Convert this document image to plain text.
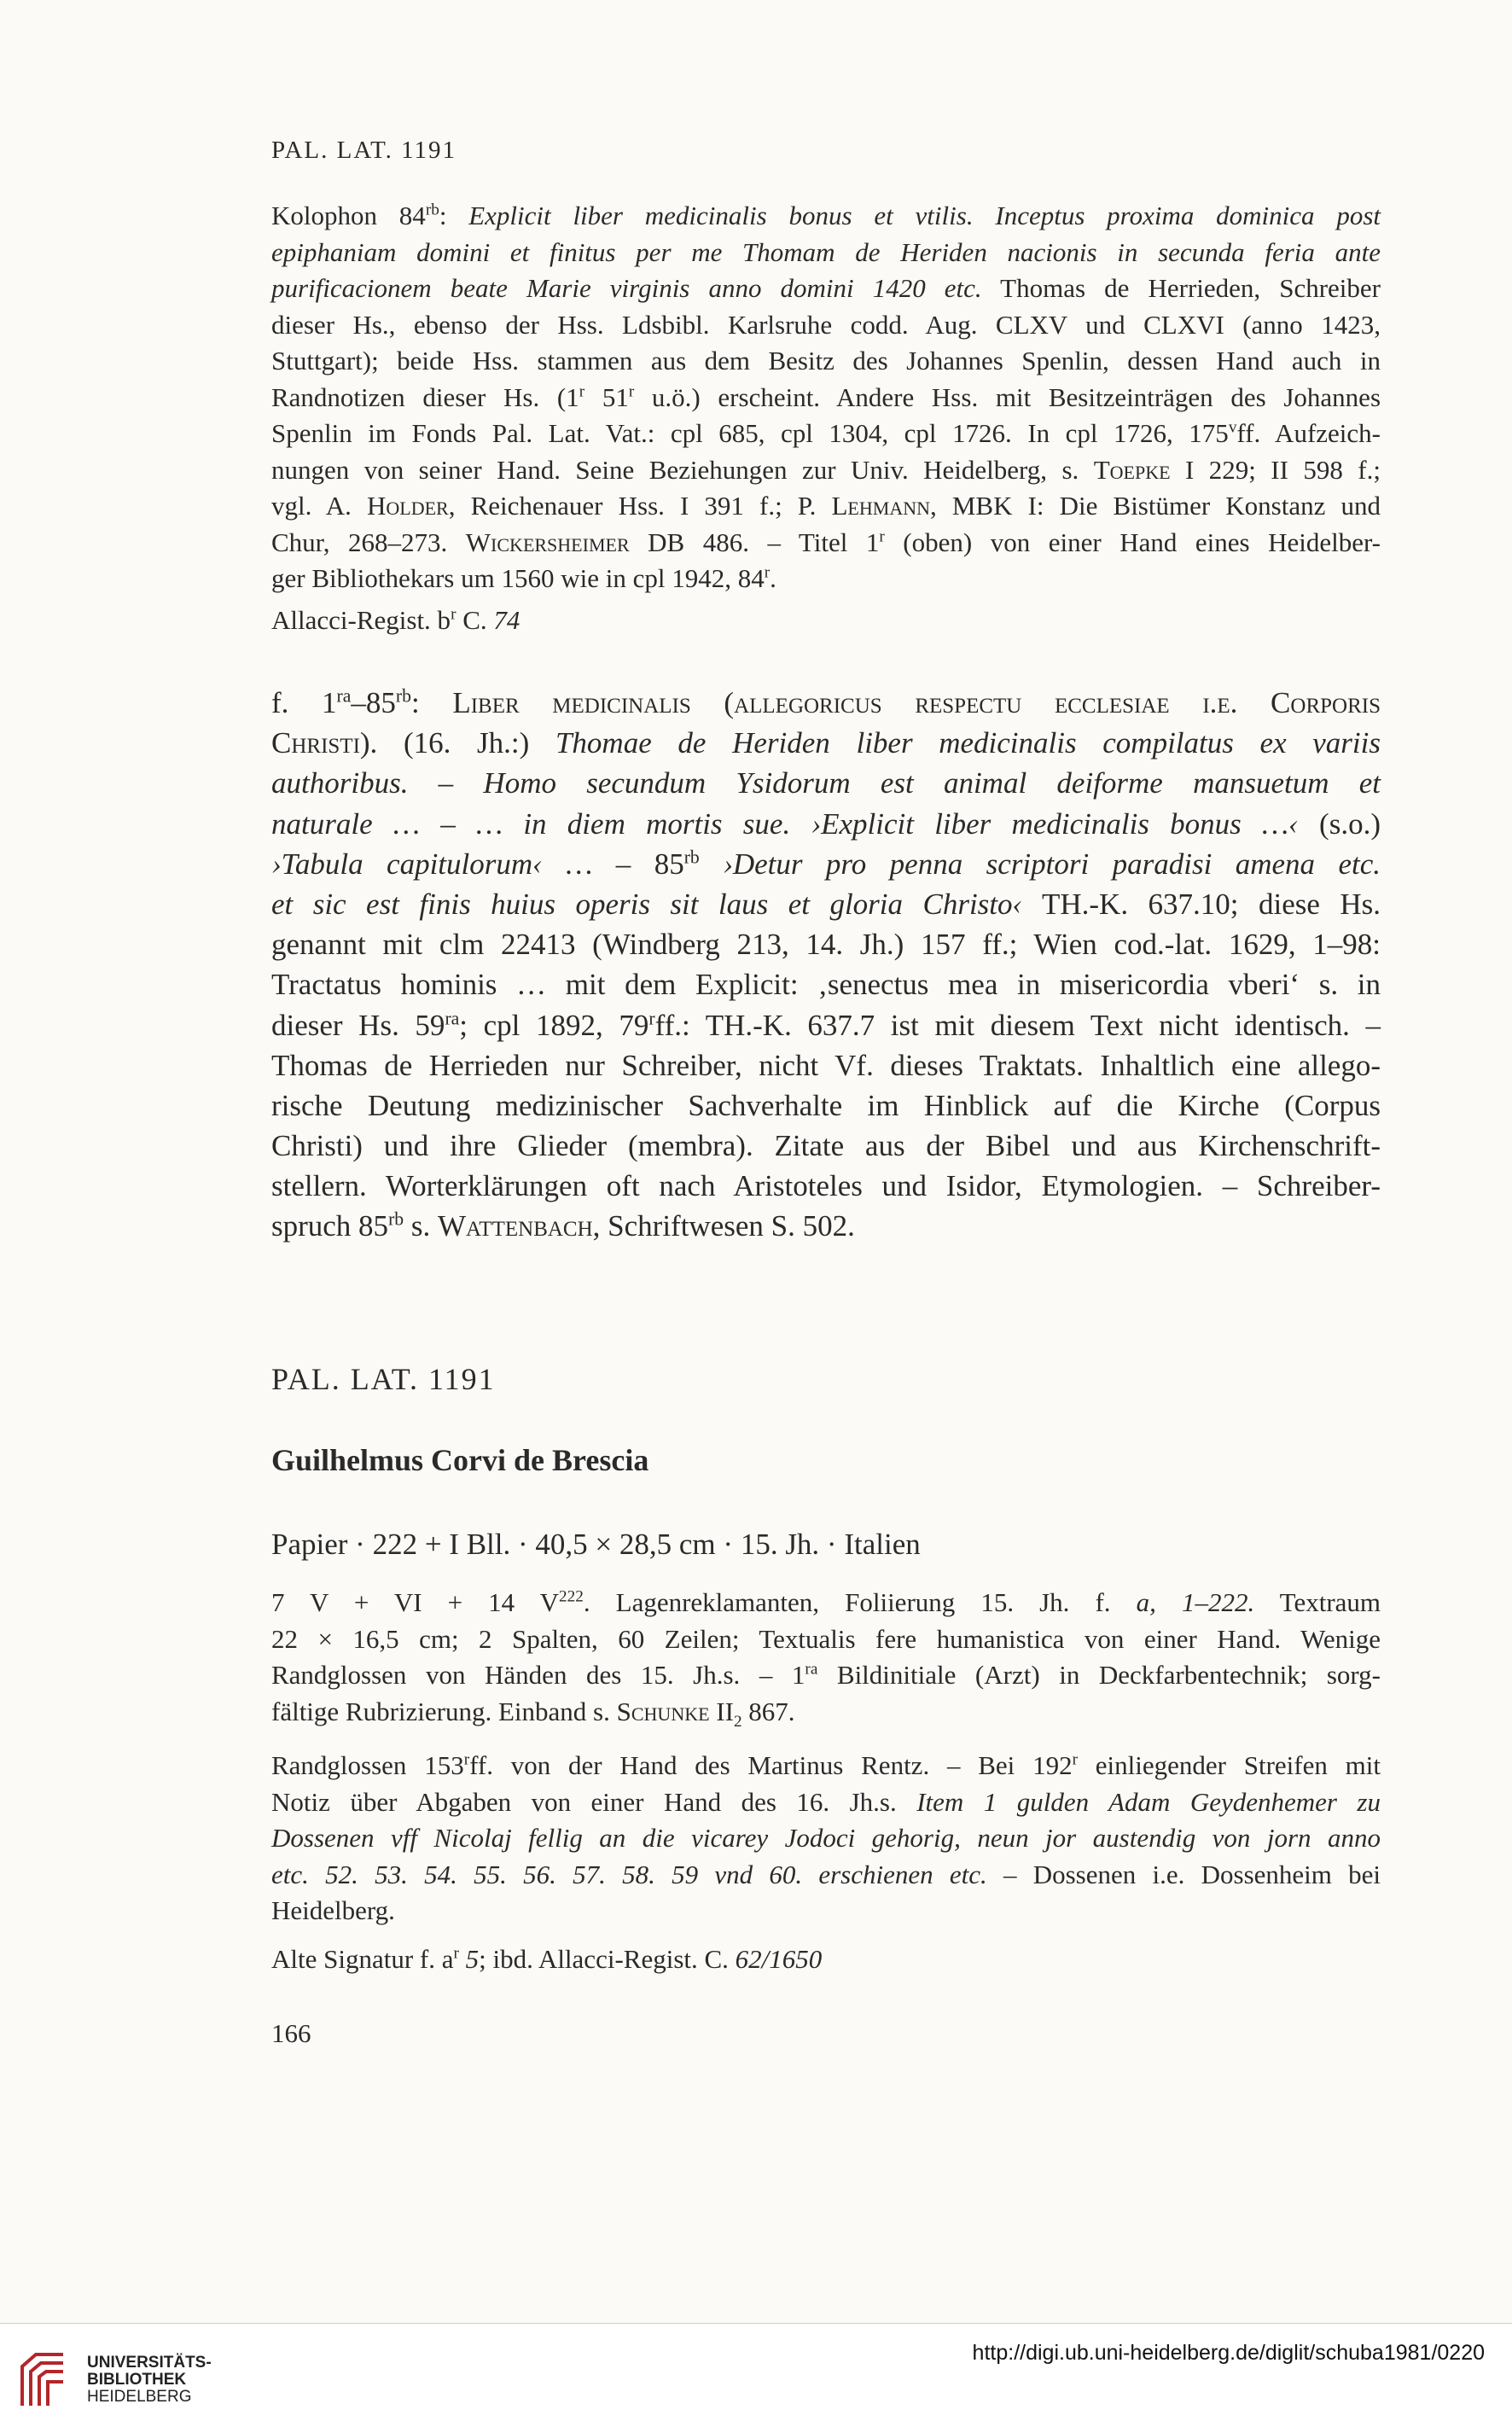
PAL. LAT. 1191
Kolophon $84^{rb}$: Explicit liber medicinalis bonus et vtilis. Inceptus proxima dominica post
epiphaniam domini et finitus per me Thomam de Heriden nacionis in secunda feria ante
purificacionem beate Marie virginis anno domini 1420 etc. Thomas de Herrieden, Schreiber
dieser Hs., ebenso der Hss. Ldsbibl. Karlsruhe codd. Aug. CLXV und CLXVI (anno 1423,
Stuttgart); beide Hss. stammen aus dem Besitz des Johannes Spenlin, dessen Hand auch in
Randnotizen dieser Hs. (1$^r$ 51$^r$ u.ö.) erscheint. Andere Hss. mit Besitzeinträgen des Johannes
Spenlin im Fonds Pal. Lat. Vat.: cpl 685, cpl 1304, cpl 1726. In cpl 1726, 175$^v$ff. Aufzeich-
nungen von seiner Hand. Seine Beziehungen zur Univ. Heidelberg, s. Toepke I 229; II 598 f.;
vgl. A. Holder, Reichenauer Hss. I 391 f.; P. Lehmann, MBK I: Die Bistümer Konstanz und
Chur, 268–273. Wickersheimer DB 486. – Titel 1$^r$ (oben) von einer Hand eines Heidelber-
ger Bibliothekars um 1560 wie in cpl 1942, 84$^r$.
Allacci-Regist. $b^r$ C. 74
f. $1^{ra}-85^{rb}$: Liber medicinalis (allegoricus respectu ecclesiae i.e. Corporis
Christi). (16. Jh.:) Thomae de Heriden liber medicinalis compilatus ex variis
authoribus. – Homo secundum Ysidorum est animal deiforme mansuetum et
naturale … – … in diem mortis sue. ›Explicit liber medicinalis bonus …‹ (s.o.)
›Tabula capitulorum‹ … – $85^{rb}$ ›Detur pro penna scriptori paradisi amena etc.
et sic est finis huius operis sit laus et gloria Christo‹ TH.-K. 637.10; diese Hs.
genannt mit clm 22413 (Windberg 213, 14. Jh.) 157 ff.; Wien cod.-lat. 1629, 1–98:
Tractatus hominis … mit dem Explicit: ‚senectus mea in misericordia vberi‘ s. in
dieser Hs. $59^{ra}$; cpl 1892, 79$^r$ff.: TH.-K. 637.7 ist mit diesem Text nicht identisch. –
Thomas de Herrieden nur Schreiber, nicht Vf. dieses Traktats. Inhaltlich eine allego-
rische Deutung medizinischer Sachverhalte im Hinblick auf die Kirche (Corpus
Christi) und ihre Glieder (membra). Zitate aus der Bibel und aus Kirchenschrift-
stellern. Worterklärungen oft nach Aristoteles und Isidor, Etymologien. – Schreiber-
spruch $85^{rb}$ s. Wattenbach, Schriftwesen S. 502.
PAL. LAT. 1191
Guilhelmus Corvi de Brescia
Papier · 222 + I Bll. · 40,5 × 28,5 cm · 15. Jh. · Italien
7 V + VI + 14 $V^{222}$. Lagenreklamanten, Foliierung 15. Jh. f. a, 1–222. Textraum
22 × 16,5 cm; 2 Spalten, 60 Zeilen; Textualis fere humanistica von einer Hand. Wenige
Randglossen von Händen des 15. Jh.s. – $1^{ra}$ Bildinitiale (Arzt) in Deckfarbentechnik; sorg-
fältige Rubrizierung. Einband s. Schunke $II_2$ 867.
Randglossen 153$^r$ff. von der Hand des Martinus Rentz. – Bei 192$^r$ einliegender Streifen mit
Notiz über Abgaben von einer Hand des 16. Jh.s. Item 1 gulden Adam Geydenhemer zu
Dossenen vff Nicolaj fellig an die vicarey Jodoci gehorig, neun jor austendig von jorn anno
etc. 52. 53. 54. 55. 56. 57. 58. 59 vnd 60. erschienen etc. – Dossenen i.e. Dossenheim bei
Heidelberg.
Alte Signatur f. $a^r$ 5; ibd. Allacci-Regist. C. 62/1650
166
UNIVERSITÄTS-
BIBLIOTHEK
HEIDELBERG
http://digi.ub.uni-heidelberg.de/diglit/schuba1981/0220
